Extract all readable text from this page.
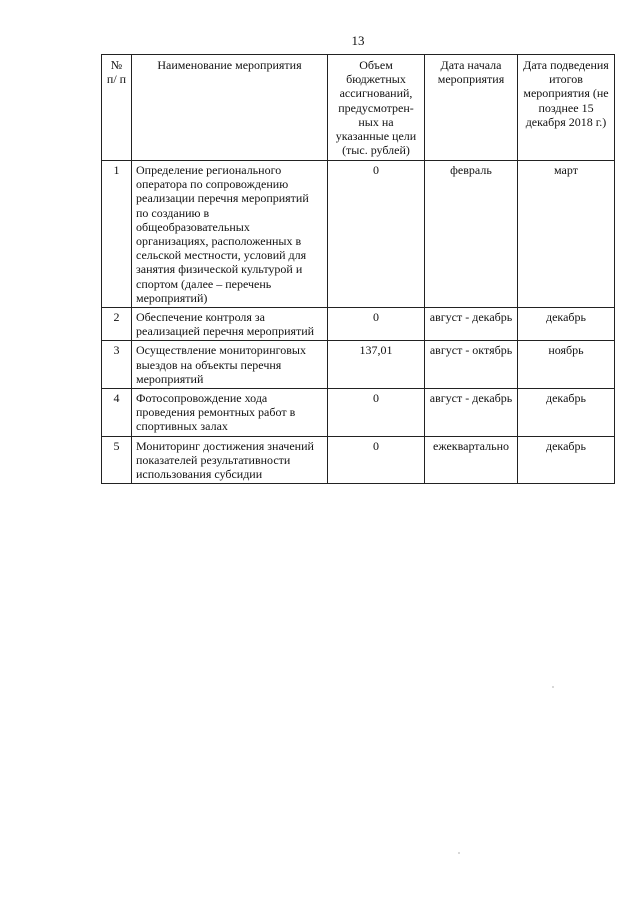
13
№ п/ п	Наименование мероприятия	Объем бюджетных ассигнований, предусмотрен-ных на указанные цели (тыс. рублей)	Дата начала мероприятия	Дата подведения итогов мероприятия (не позднее 15 декабря 2018 г.)
1	Определение регионального оператора по сопровождению реализации перечня мероприятий по созданию в общеобразовательных организациях, расположенных в сельской местности, условий для занятия физической культурой и спортом (далее – перечень мероприятий)	0	февраль	март
2	Обеспечение контроля за реализацией перечня мероприятий	0	август - декабрь	декабрь
3	Осуществление мониторинговых выездов на объекты перечня мероприятий	137,01	август - октябрь	ноябрь
4	Фотосопровождение хода проведения ремонтных работ в спортивных залах	0	август - декабрь	декабрь
5	Мониторинг достижения значений показателей результативности использования субсидии	0	ежеквартально	декабрь
